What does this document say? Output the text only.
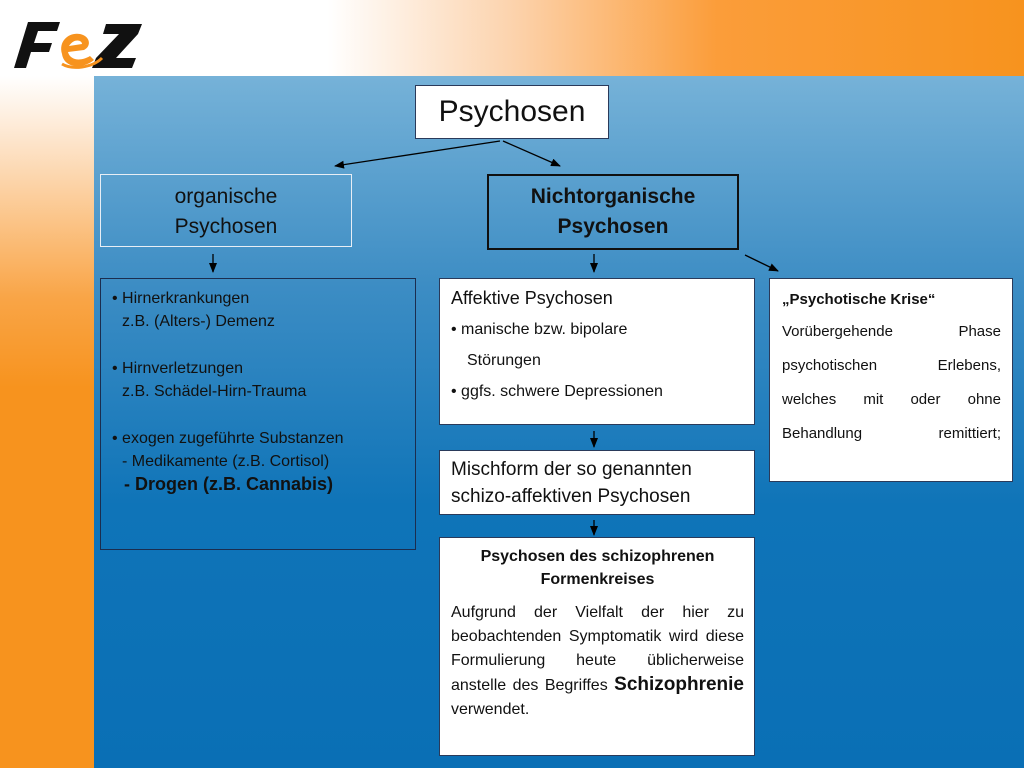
Psychosen
organische
Psychosen
Nichtorganische
Psychosen

• Hirnerkrankungen
z.B. (Alters-) Demenz

• Hirnverletzungen
z.B. Schädel-Hirn-Trauma

• exogen zugeführte Substanzen
- Medikamente (z.B. Cortisol)
- Drogen (z.B. Cannabis)

Affektive Psychosen
• manische bzw. bipolare
Störungen
• ggfs. schwere Depressionen
„Psychotische Krise“
Vorübergehende Phase psychotischen Erlebens, welches mit oder ohne Behandlung remittiert;
Mischform der so genannten
schizo-affektiven Psychosen
Psychosen des schizophrenen Formenkreises
Aufgrund der Vielfalt der hier zu beobachtenden Symptomatik wird diese Formulierung heute üblicherweise anstelle des Begriffes Schizophrenie verwendet.
